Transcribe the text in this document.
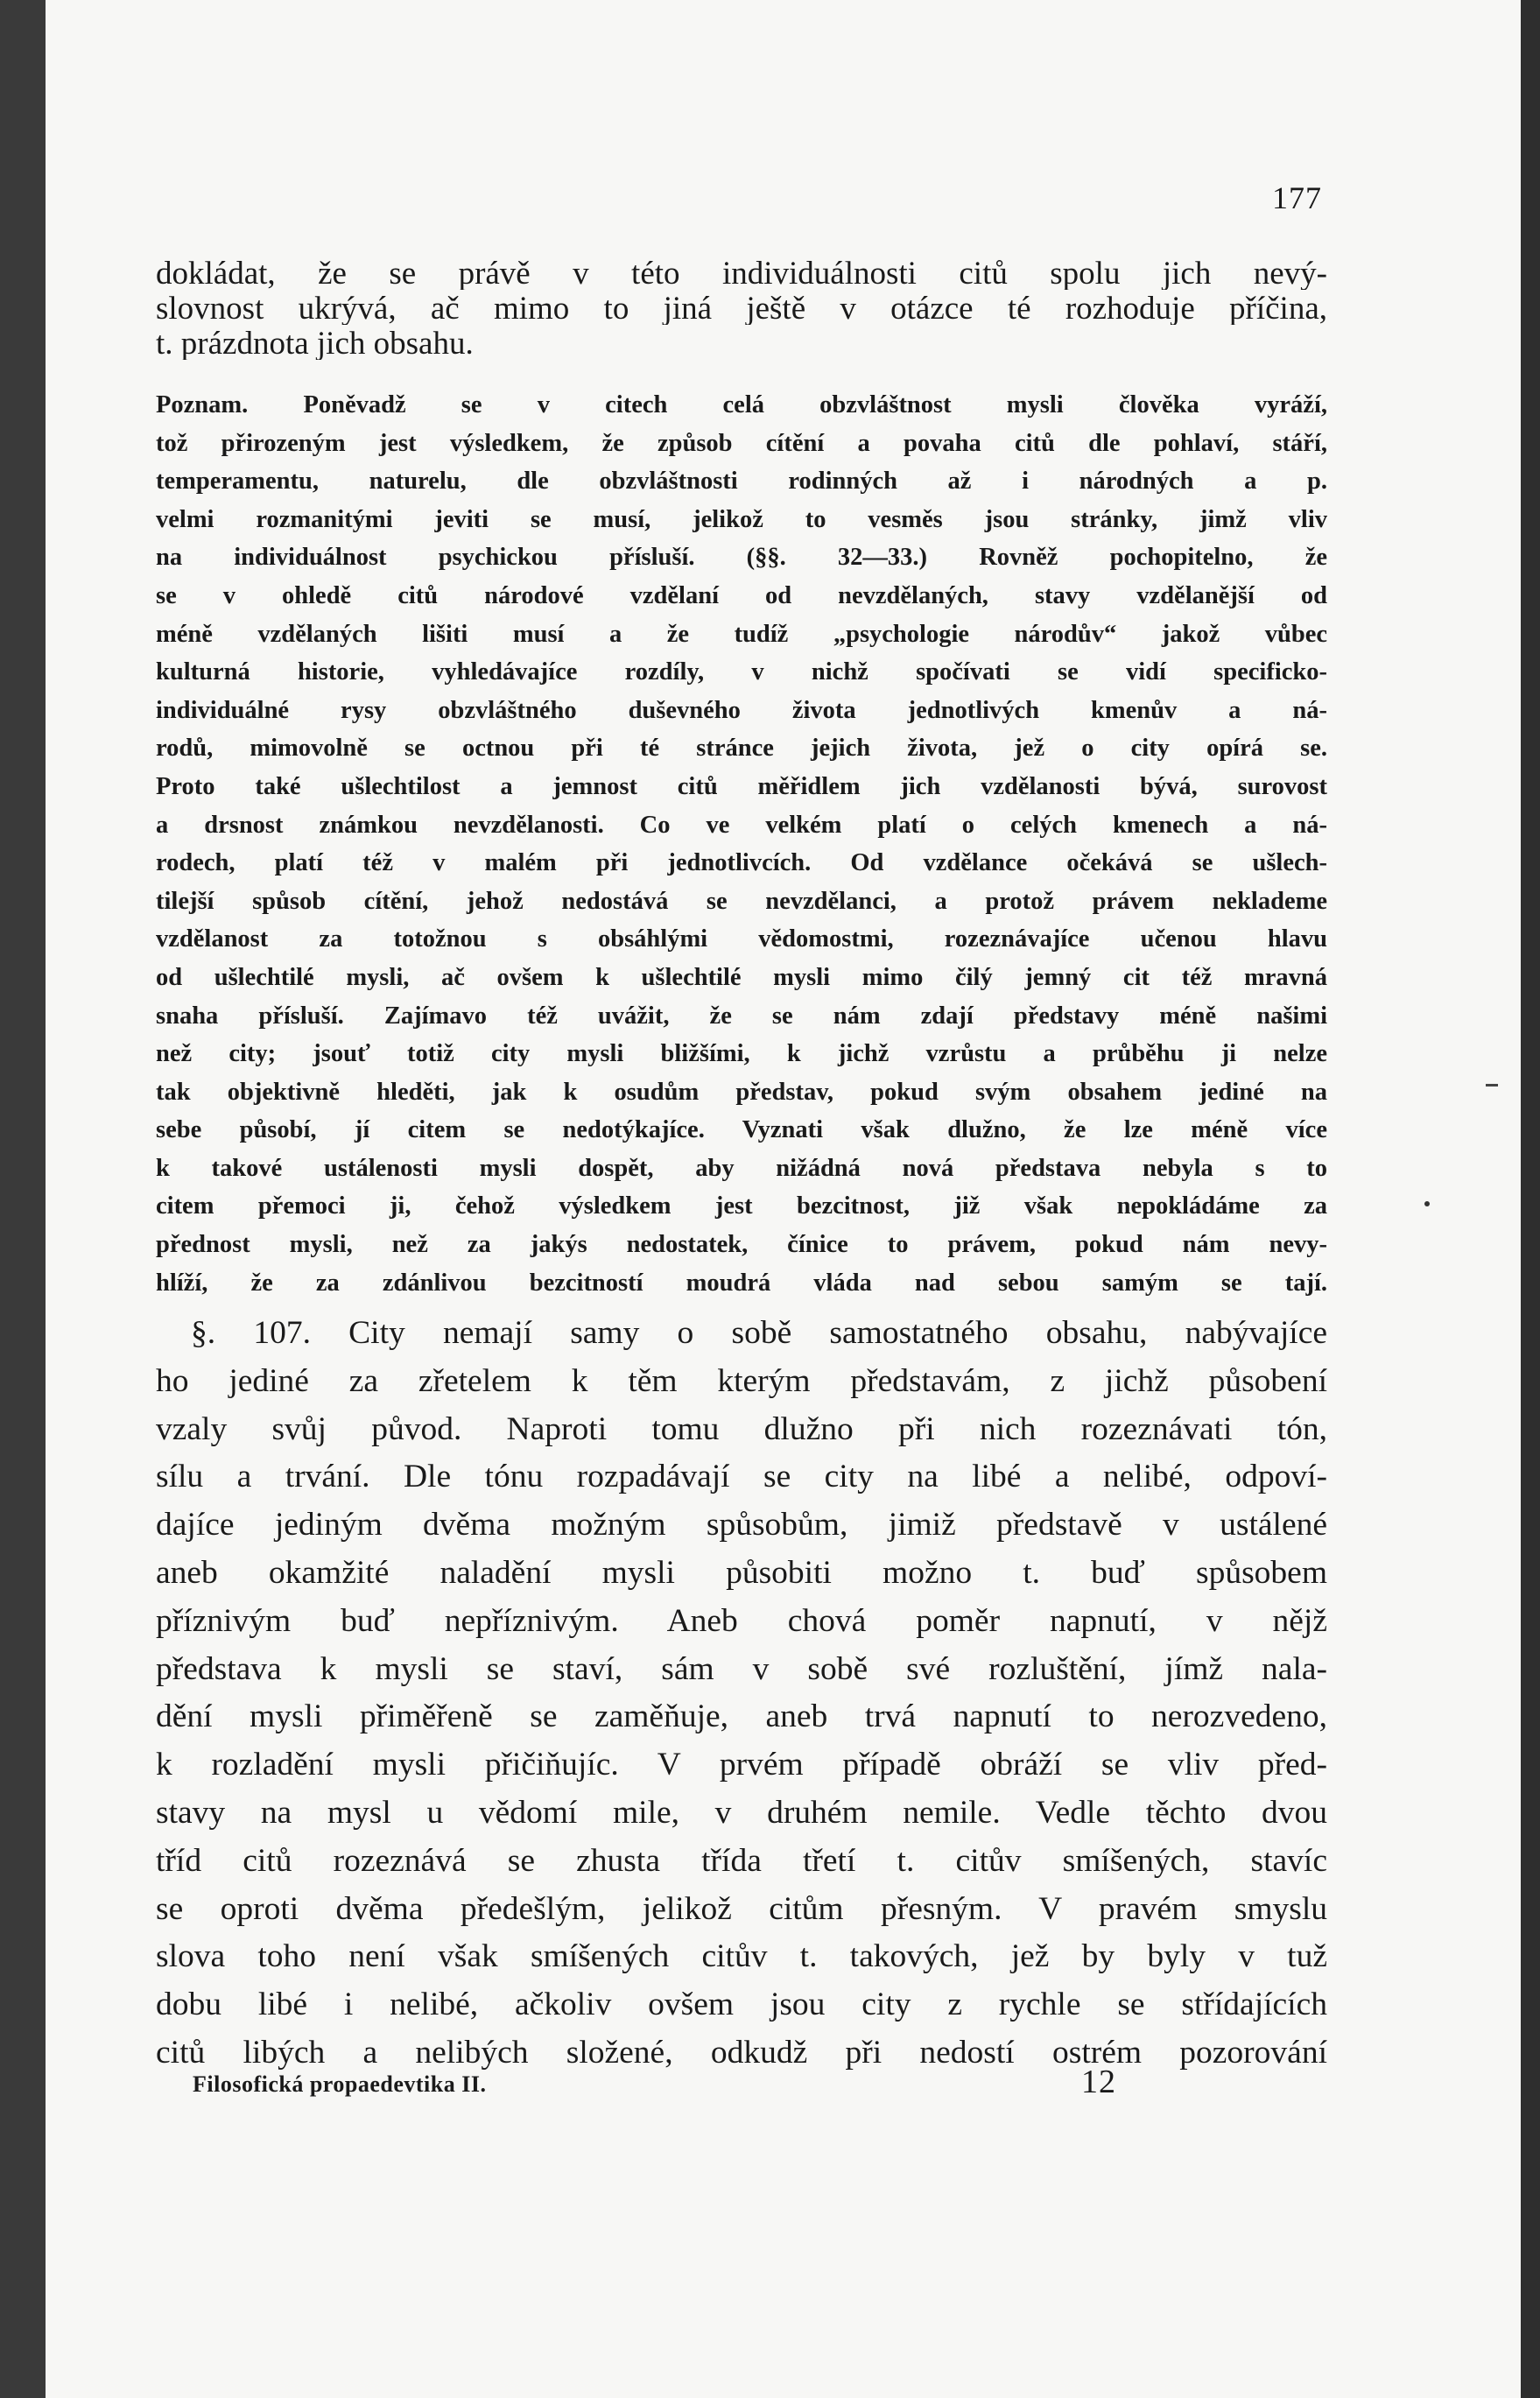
177
dokládat, že se právě v této individuálnosti citů spolu jich nevý-
slovnost ukrývá, ač mimo to jiná ještě v otázce té rozhoduje příčina,
t. prázdnota jich obsahu.
Poznam. Poněvadž se v citech celá obzvláštnost mysli člověka vyráží,
tož přirozeným jest výsledkem, že způsob cítění a povaha citů dle pohlaví, stáří,
temperamentu, naturelu, dle obzvláštnosti rodinných až i národných a p.
velmi rozmanitými jeviti se musí, jelikož to vesměs jsou stránky, jimž vliv
na individuálnost psychickou přísluší. (§§. 32—33.) Rovněž pochopitelno, že
se v ohledě citů národové vzdělaní od nevzdělaných, stavy vzdělanější od
méně vzdělaných lišiti musí a že tudíž „psychologie národův“ jakož vůbec
kulturná historie, vyhledávajíce rozdíly, v nichž spočívati se vidí specificko-
individuálné rysy obzvláštného duševného života jednotlivých kmenův a ná-
rodů, mimovolně se octnou při té stránce jejich života, jež o city opírá se.
Proto také ušlechtilost a jemnost citů měřidlem jich vzdělanosti bývá, surovost
a drsnost známkou nevzdělanosti. Co ve velkém platí o celých kmenech a ná-
rodech, platí též v malém při jednotlivcích. Od vzdělance očekává se ušlech-
tilejší spůsob cítění, jehož nedostává se nevzdělanci, a protož právem neklademe
vzdělanost za totožnou s obsáhlými vědomostmi, rozeznávajíce učenou hlavu
od ušlechtilé mysli, ač ovšem k ušlechtilé mysli mimo čilý jemný cit též mravná
snaha přísluší. Zajímavo též uvážit, že se nám zdají představy méně našimi
než city; jsouť totiž city mysli bližšími, k jichž vzrůstu a průběhu ji nelze
tak objektivně hleděti, jak k osudům představ, pokud svým obsahem jediné na
sebe působí, jí citem se nedotýkajíce. Vyznati však dlužno, že lze méně více
k takové ustálenosti mysli dospět, aby nižádná nová představa nebyla s to
citem přemoci ji, čehož výsledkem jest bezcitnost, již však nepokládáme za
přednost mysli, než za jakýs nedostatek, čínice to právem, pokud nám nevy-
hlíží, že za zdánlivou bezcitností moudrá vláda nad sebou samým se tají.
§. 107. City nemají samy o sobě samostatného obsahu, nabývajíce
ho jediné za zřetelem k těm kterým představám, z jichž působení
vzaly svůj původ. Naproti tomu dlužno při nich rozeznávati tón,
sílu a trvání. Dle tónu rozpadávají se city na libé a nelibé, odpoví-
dajíce jediným dvěma možným spůsobům, jimiž představě v ustálené
aneb okamžité naladění mysli působiti možno t. buď spůsobem
příznivým buď nepříznivým. Aneb chová poměr napnutí, v nějž
představa k mysli se staví, sám v sobě své rozluštění, jímž nala-
dění mysli přiměřeně se zaměňuje, aneb trvá napnutí to nerozvedeno,
k rozladění mysli přičiňujíc. V prvém případě obráží se vliv před-
stavy na mysl u vědomí mile, v druhém nemile. Vedle těchto dvou
tříd citů rozeznává se zhusta třída třetí t. citův smíšených, stavíc
se oproti dvěma předešlým, jelikož citům přesným. V pravém smyslu
slova toho není však smíšených citův t. takových, jež by byly v tuž
dobu libé i nelibé, ačkoliv ovšem jsou city z rychle se střídajících
citů libých a nelibých složené, odkudž při nedostí ostrém pozorování
Filosofická propaedevtika II.	12
